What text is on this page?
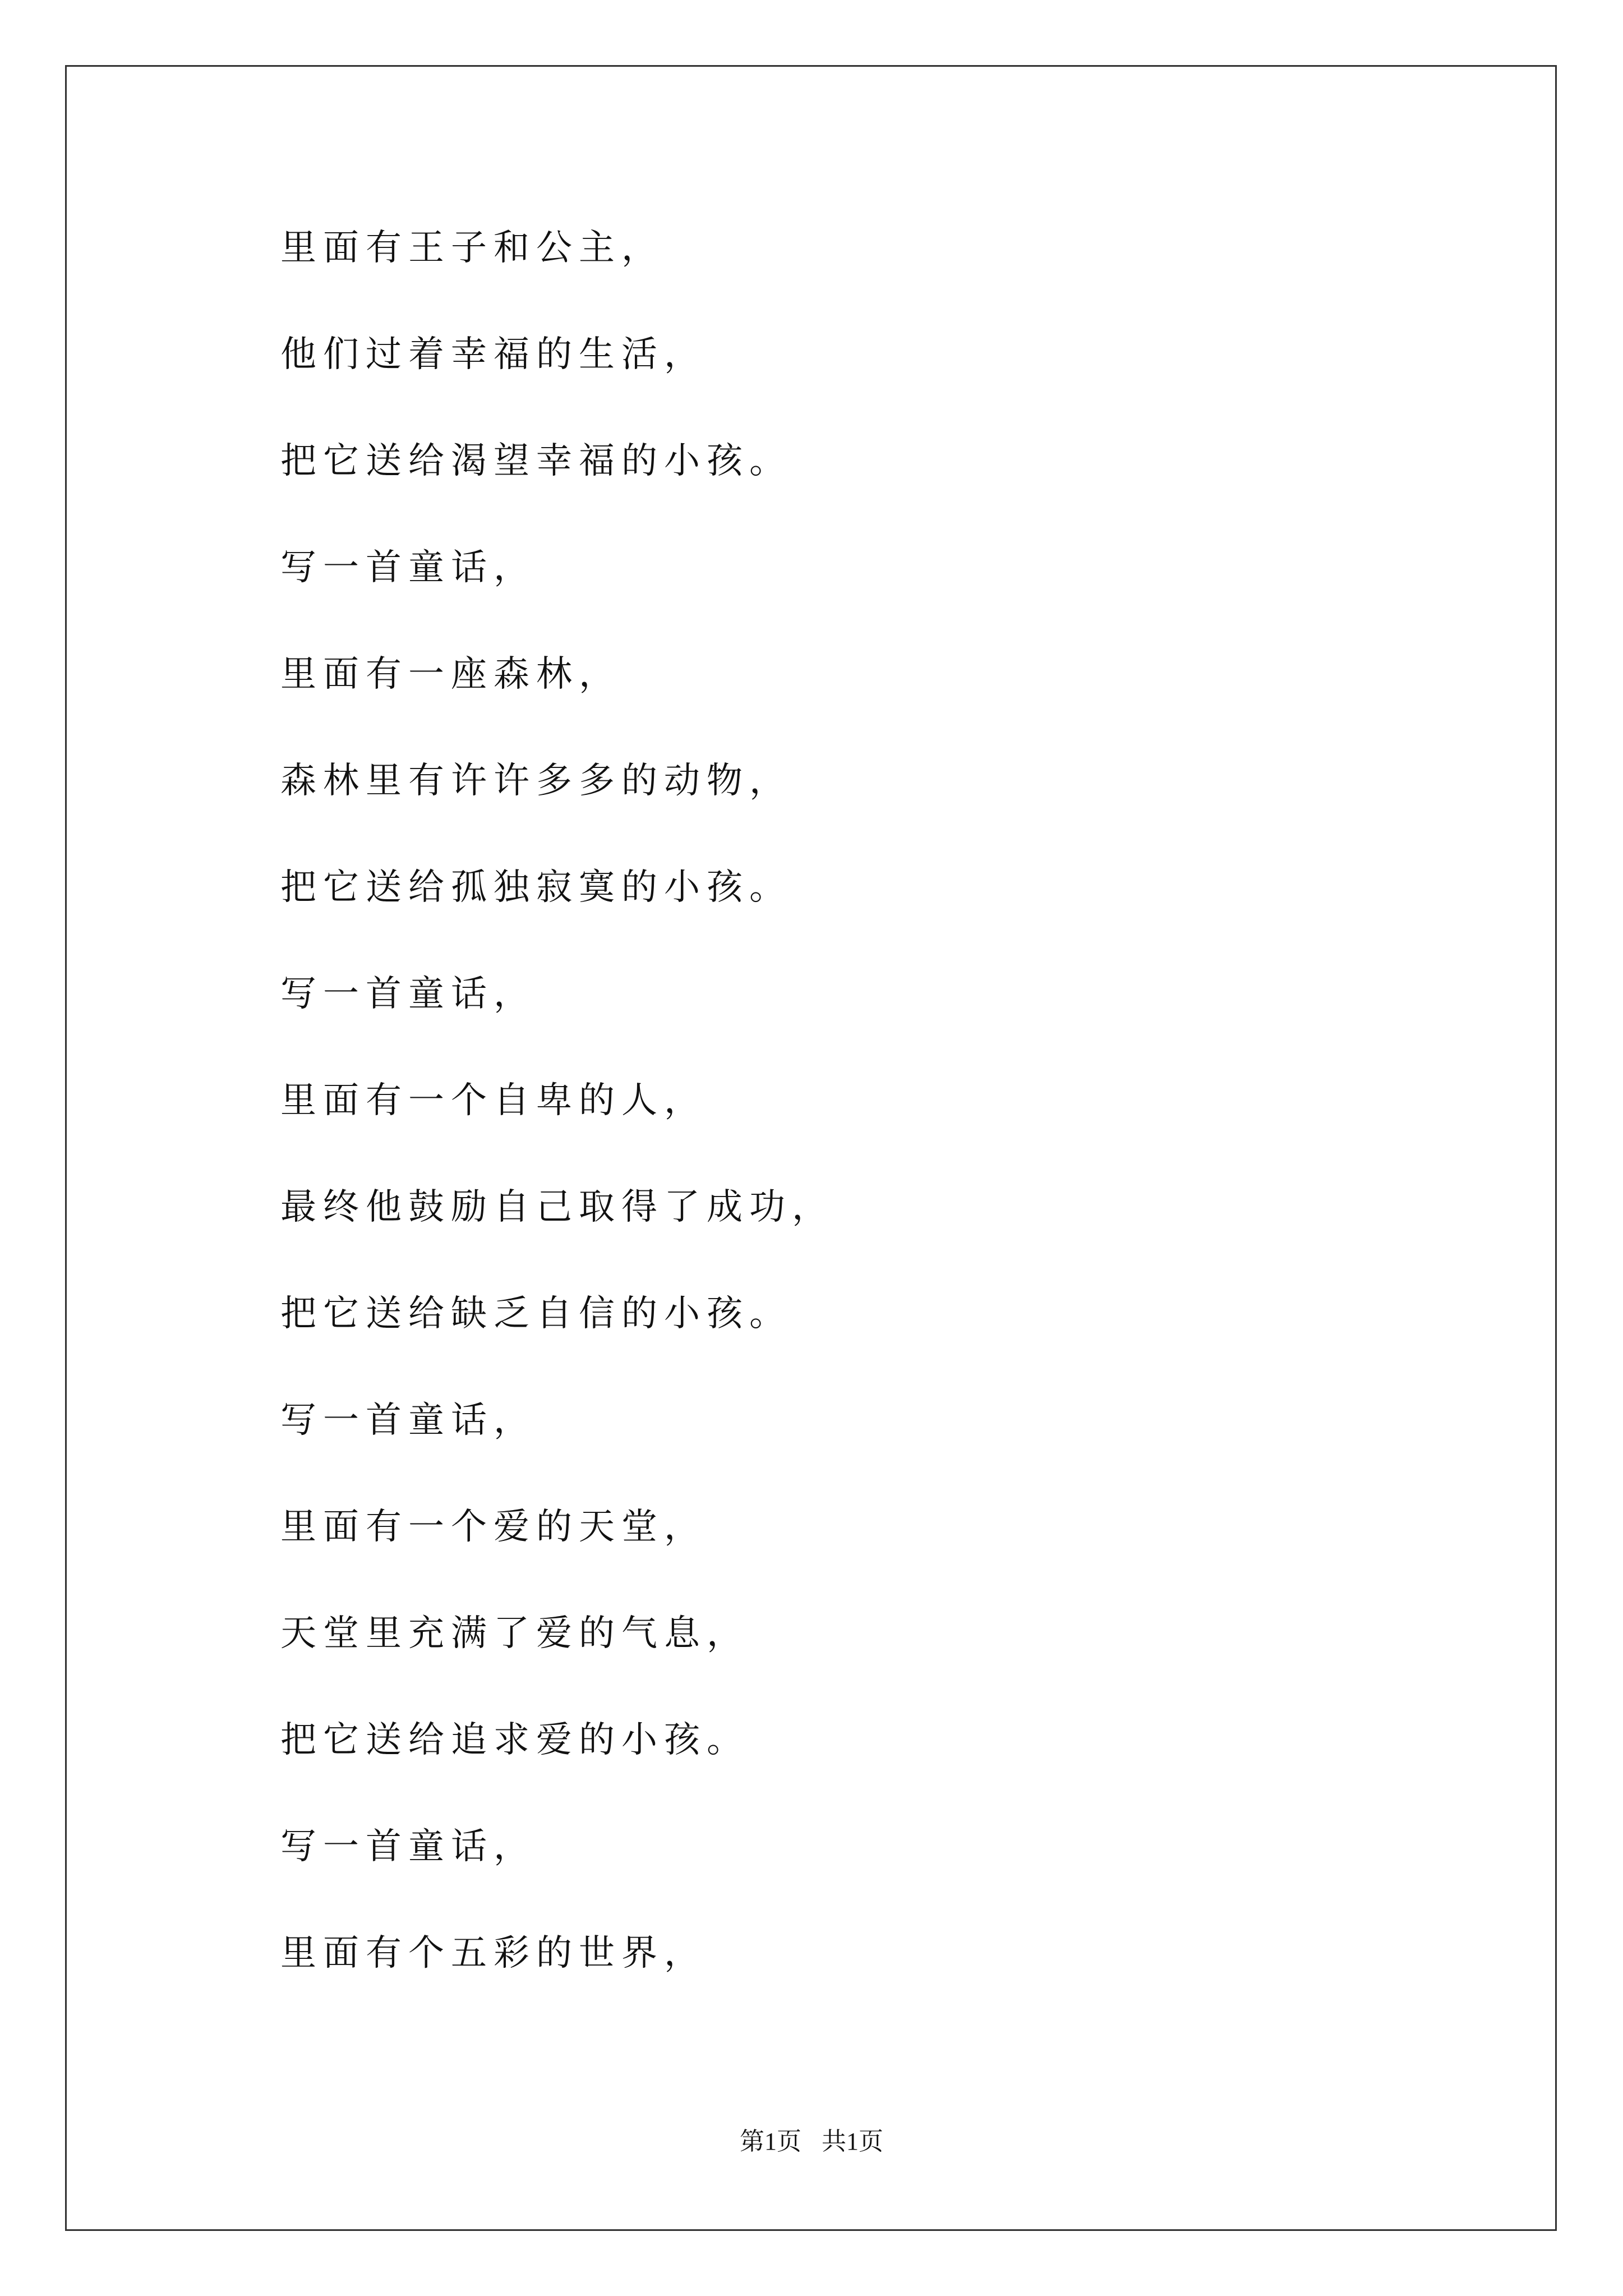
里面有王子和公主，
他们过着幸福的生活，
把它送给渴望幸福的小孩。
写一首童话，
里面有一座森林，
森林里有许许多多的动物，
把它送给孤独寂寞的小孩。
写一首童话，
里面有一个自卑的人，
最终他鼓励自己取得了成功，
把它送给缺乏自信的小孩。
写一首童话，
里面有一个爱的天堂，
天堂里充满了爱的气息，
把它送给追求爱的小孩。
写一首童话，
里面有个五彩的世界，
第1页 共1页
